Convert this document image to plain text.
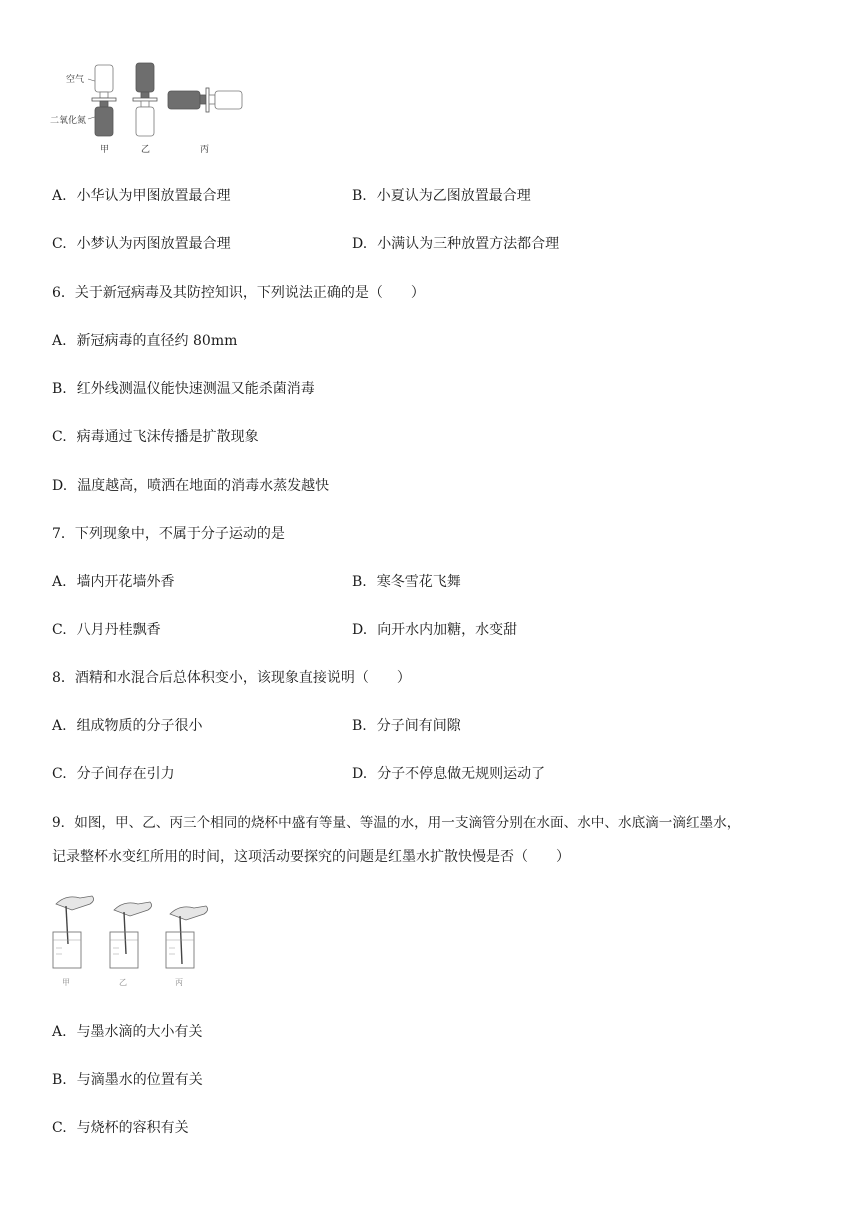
空气
二氧化氮
甲	乙	丙
A. 小华认为甲图放置最合理	B. 小夏认为乙图放置最合理
C. 小梦认为丙图放置最合理	D. 小满认为三种放置方法都合理
6．关于新冠病毒及其防控知识，下列说法正确的是（　　）
A. 新冠病毒的直径约 80mm
B. 红外线测温仪能快速测温又能杀菌消毒
C. 病毒通过飞沫传播是扩散现象
D. 温度越高，喷洒在地面的消毒水蒸发越快
7．下列现象中，不属于分子运动的是
A. 墙内开花墙外香	B. 寒冬雪花飞舞
C. 八月丹桂飘香	D. 向开水内加糖，水变甜
8．酒精和水混合后总体积变小，该现象直接说明（　　）
A. 组成物质的分子很小	B. 分子间有间隙
C. 分子间存在引力	D. 分子不停息做无规则运动了
9．如图，甲、乙、丙三个相同的烧杯中盛有等量、等温的水，用一支滴管分别在水面、水中、水底滴一滴红墨水，
记录整杯水变红所用的时间，这项活动要探究的问题是红墨水扩散快慢是否（　　）
甲	乙	丙
A. 与墨水滴的大小有关
B. 与滴墨水的位置有关
C. 与烧杯的容积有关
